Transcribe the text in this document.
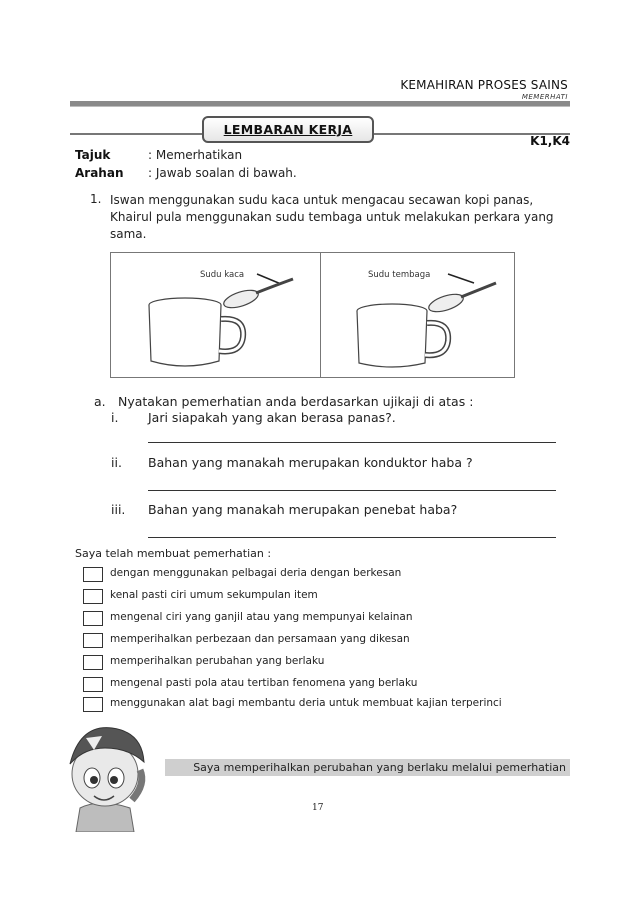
KEMAHIRAN PROSES SAINS
MEMERHATI
LEMBARAN KERJA
K1,K4
Tajuk	: Memerhatikan
Arahan : Jawab soalan di bawah.
1. Iswan menggunakan sudu kaca untuk mengacau secawan kopi panas, Khairul pula menggunakan sudu tembaga untuk melakukan perkara yang sama.
Sudu kaca	Sudu tembaga
a. Nyatakan pemerhatian anda berdasarkan ujikaji di atas :
i. Jari siapakah yang akan berasa panas?.
ii. Bahan yang manakah merupakan konduktor haba ?
iii. Bahan yang manakah merupakan penebat haba?
Saya telah membuat pemerhatian :
dengan menggunakan pelbagai deria dengan berkesan
kenal pasti ciri umum sekumpulan item
mengenal ciri yang ganjil atau yang mempunyai kelainan
memperihalkan perbezaan dan persamaan yang dikesan
memperihalkan perubahan yang berlaku
mengenal pasti pola atau tertiban fenomena yang berlaku
menggunakan alat bagi membantu deria untuk membuat kajian terperinci
Saya memperihalkan perubahan yang berlaku melalui pemerhatian
17
